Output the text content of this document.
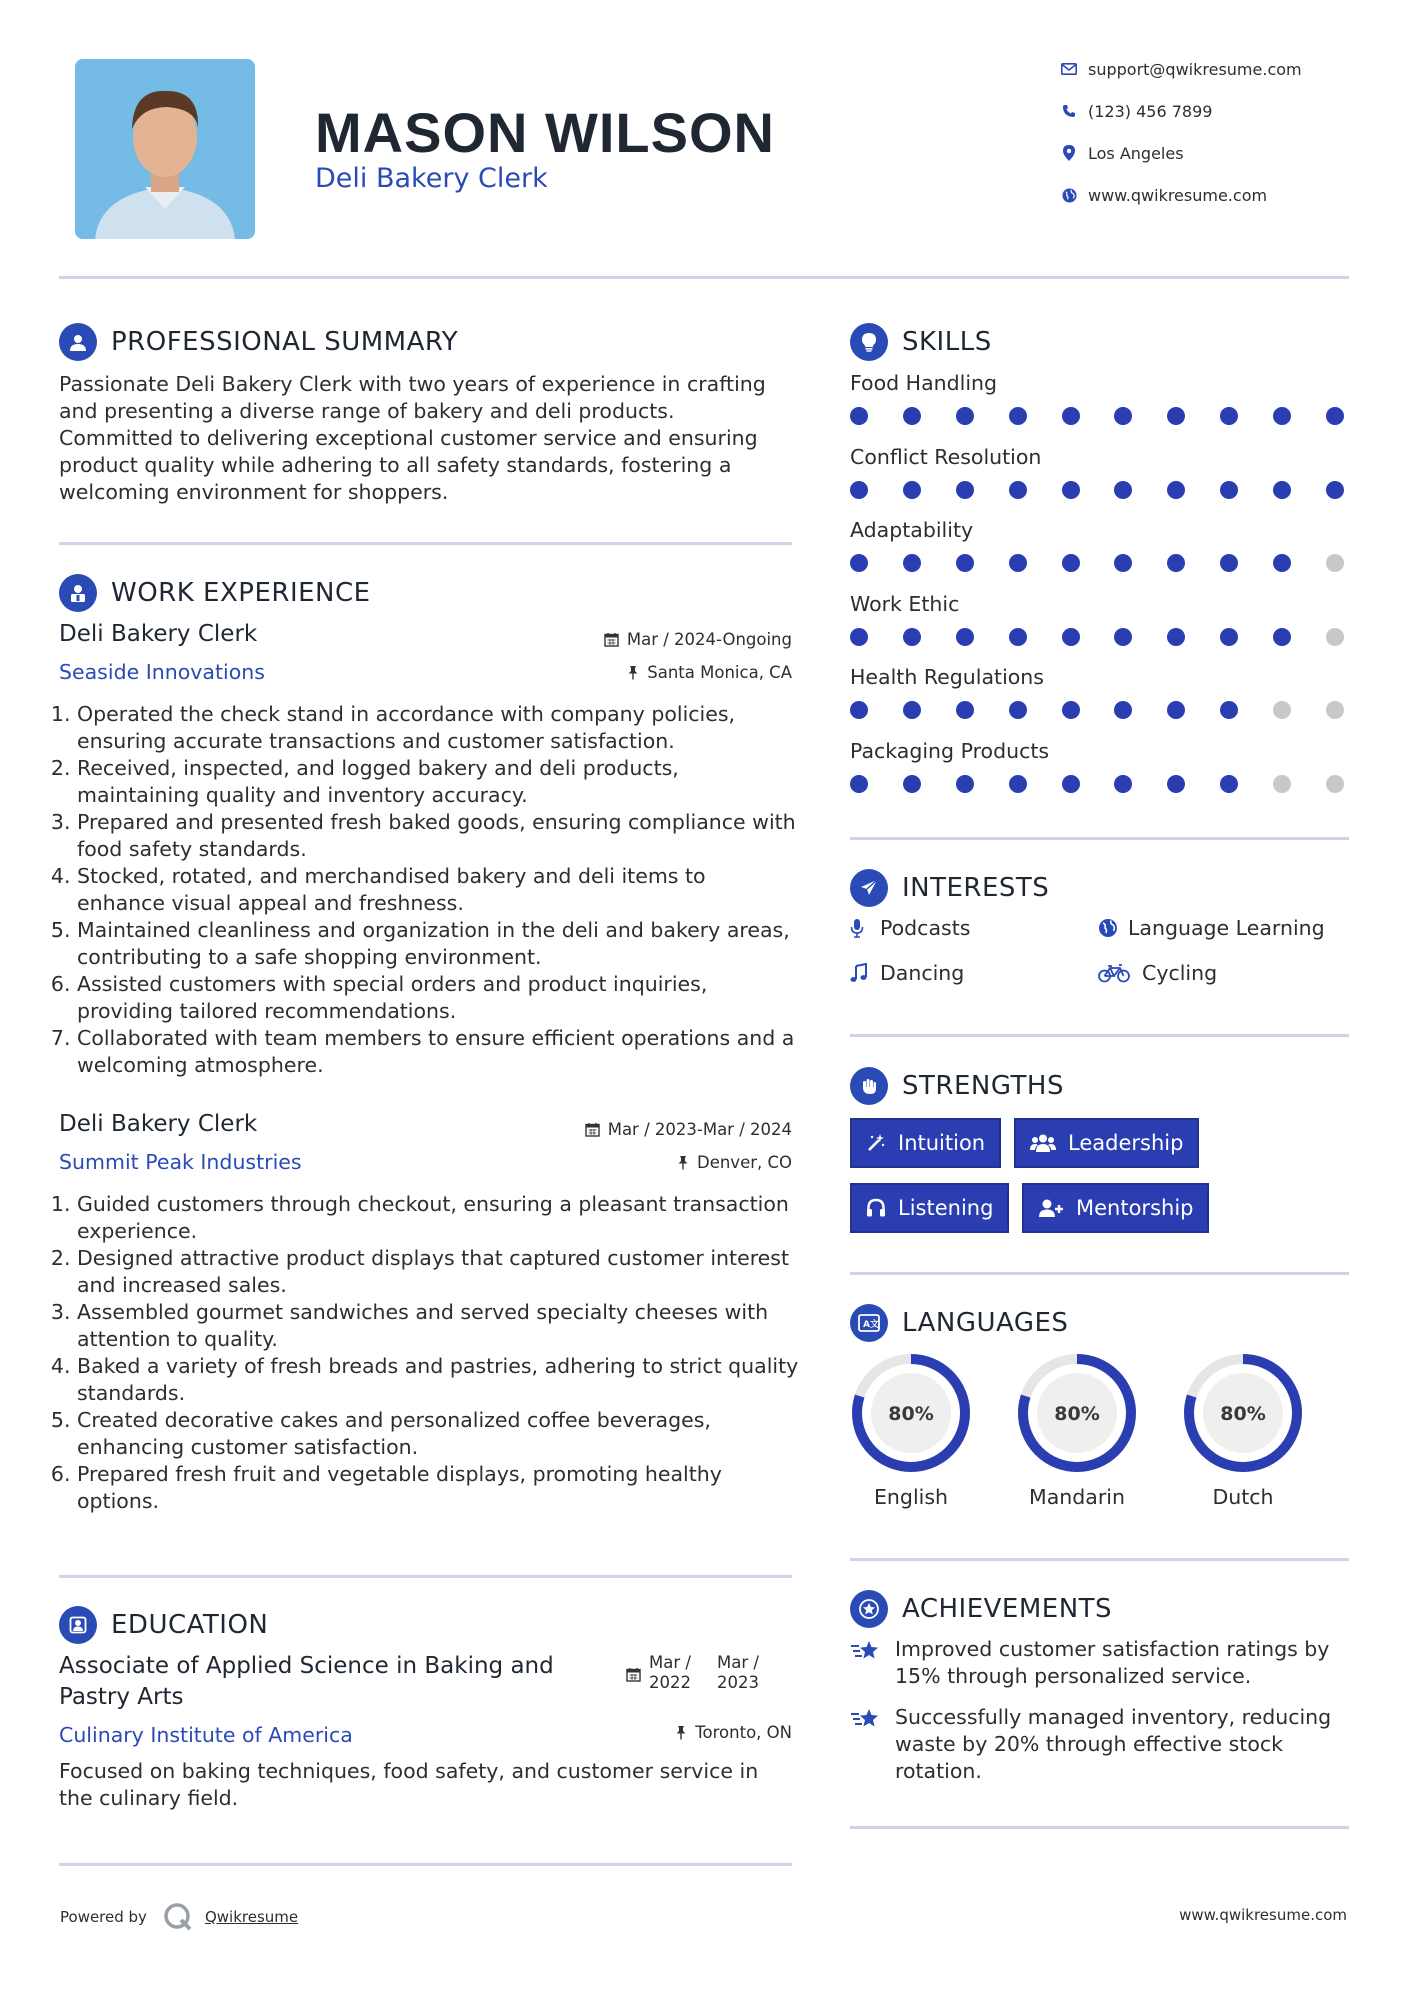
MASON WILSON
Deli Bakery Clerk
support@qwikresume.com
(123) 456 7899
Los Angeles
www.qwikresume.com
PROFESSIONAL SUMMARY
Passionate Deli Bakery Clerk with two years of experience in crafting and presenting a diverse range of bakery and deli products. Committed to delivering exceptional customer service and ensuring product quality while adhering to all safety standards, fostering a welcoming environment for shoppers.
WORK EXPERIENCE
Deli Bakery Clerk
Seaside Innovations
Mar / 2024-Ongoing
Santa Monica, CA
1. Operated the check stand in accordance with company policies, ensuring accurate transactions and customer satisfaction.
2. Received, inspected, and logged bakery and deli products, maintaining quality and inventory accuracy.
3. Prepared and presented fresh baked goods, ensuring compliance with food safety standards.
4. Stocked, rotated, and merchandised bakery and deli items to enhance visual appeal and freshness.
5. Maintained cleanliness and organization in the deli and bakery areas, contributing to a safe shopping environment.
6. Assisted customers with special orders and product inquiries, providing tailored recommendations.
7. Collaborated with team members to ensure efficient operations and a welcoming atmosphere.
Deli Bakery Clerk
Summit Peak Industries
Mar / 2023-Mar / 2024
Denver, CO
1. Guided customers through checkout, ensuring a pleasant transaction experience.
2. Designed attractive product displays that captured customer interest and increased sales.
3. Assembled gourmet sandwiches and served specialty cheeses with attention to quality.
4. Baked a variety of fresh breads and pastries, adhering to strict quality standards.
5. Created decorative cakes and personalized coffee beverages, enhancing customer satisfaction.
6. Prepared fresh fruit and vegetable displays, promoting healthy options.
EDUCATION
Associate of Applied Science in Baking and
Pastry Arts
Culinary Institute of America
Mar /
2022
Mar /
2023
Toronto, ON
Focused on baking techniques, food safety, and customer service in the culinary field.
SKILLS
Food Handling
Conflict Resolution
Adaptability
Work Ethic
Health Regulations
Packaging Products
INTERESTS
Podcasts	Language Learning
Dancing	Cycling
STRENGTHS
Intuition	Leadership
Listening	Mentorship
A 文 LANGUAGES
80%
English
80%
Mandarin
80%
Dutch
ACHIEVEMENTS
Improved customer satisfaction ratings by 15% through personalized service.
Successfully managed inventory, reducing waste by 20% through effective stock rotation.
Powered by	Qwikresume	www.qwikresume.com
